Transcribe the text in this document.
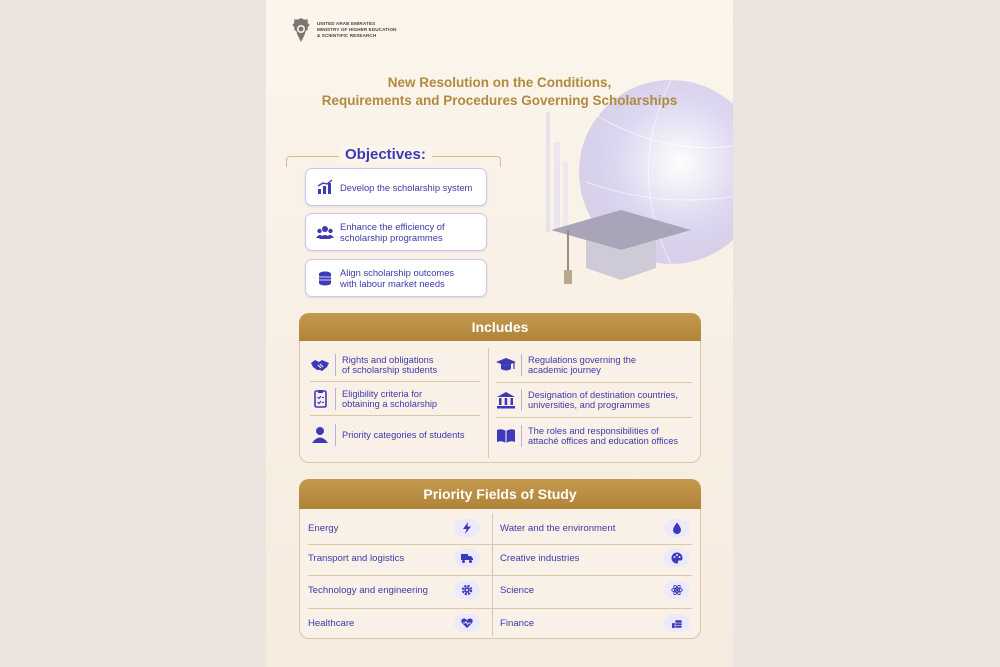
UNITED ARAB EMIRATES
MINISTRY OF HIGHER EDUCATION
& SCIENTIFIC RESEARCH
New Resolution on the Conditions,
Requirements and Procedures Governing Scholarships
Objectives:
Develop the scholarship system
Enhance the efficiency of
scholarship programmes
Align scholarship outcomes
with labour market needs
Includes
Rights and obligations
of scholarship students
Eligibility criteria for
obtaining a scholarship
Priority categories of students
Regulations governing the
academic journey
Designation of destination countries,
universities, and programmes
The roles and responsibilities of
attaché offices and education offices
Priority Fields of Study
Energy
Transport and logistics
Technology and engineering
Healthcare
Water and the environment
Creative industries
Science
Finance
